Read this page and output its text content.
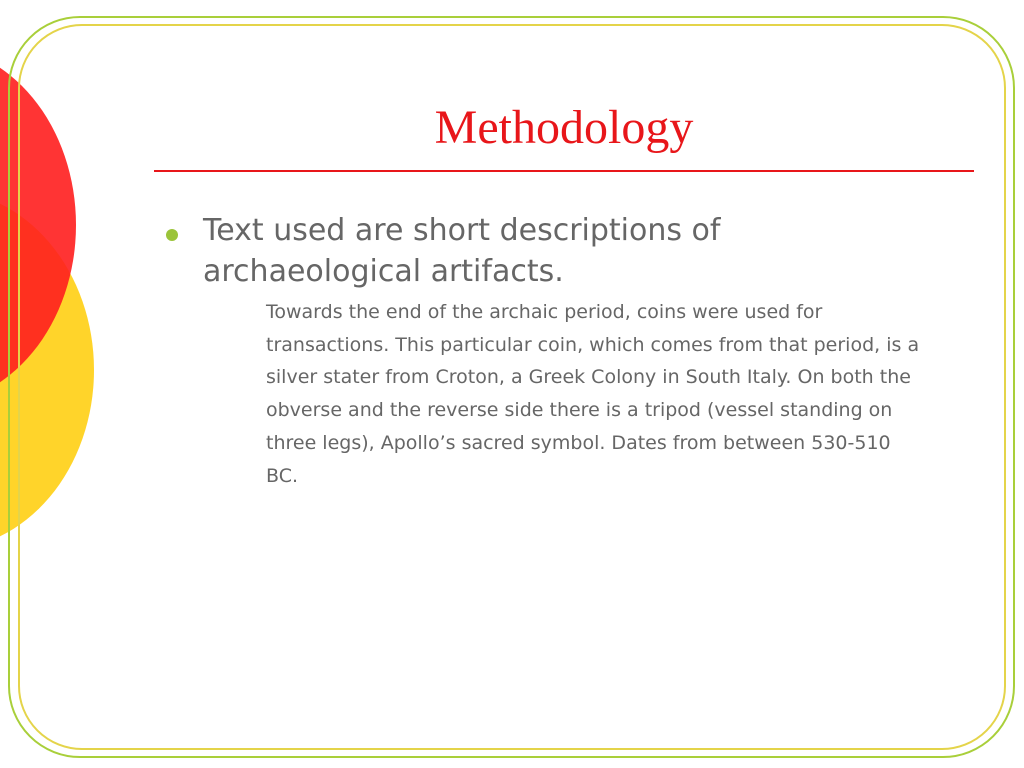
Methodology
Text used are short descriptions of archaeological artifacts.
Towards the end of the archaic period, coins were used for transactions. This particular coin, which comes from that period, is a silver stater from Croton, a Greek Colony in South Italy. On both the obverse and the reverse side there is a tripod (vessel standing on three legs), Apollo’s sacred symbol. Dates from between 530-510 BC.
